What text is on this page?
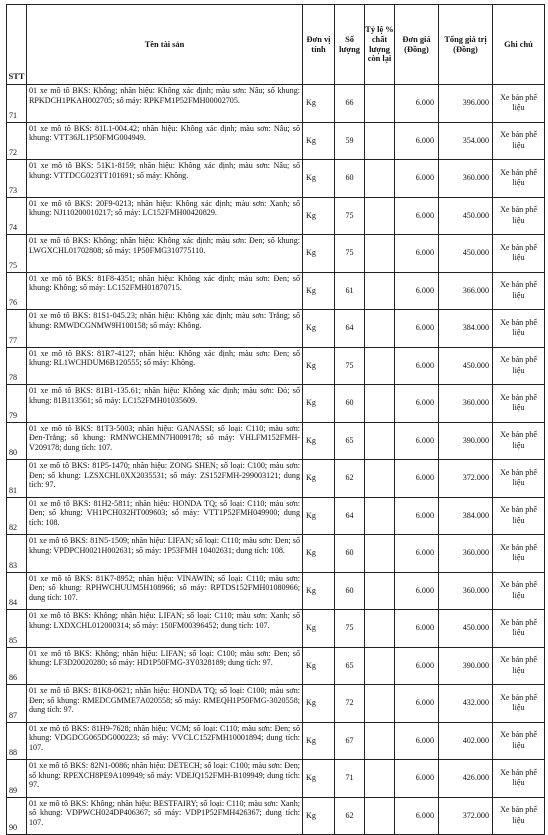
STT	Tên tài sản	Đơn vị tính	Số lượng	Tỷ lệ % chất lượng còn lại	Đơn giá (Đồng)	Tổng giá trị (Đồng)	Ghi chú
71	01 xe mô tô BKS: Không; nhãn hiệu: Không xác định; màu sơn: Nâu; số khung: RPKDCH1PKAH002705; số máy: RPKFM1P52FMH00002705.	Kg	66		6.000	396.000	Xe bán phế liệu
72	01 xe mô tô BKS: 81L1-004.42; nhãn hiệu: Không xác định; màu sơn: Nâu; số khung: VTT36JL1P50FMG004949.	Kg	59		6.000	354.000	Xe bán phế liệu
73	01 xe mô tô BKS: 51K1-8159; nhãn hiệu: Không xác định; màu sơn: Nâu; số khung: VTTDCG023TT101691; số máy: Không.	Kg	60		6.000	360.000	Xe bán phế liệu
74	01 xe mô tô BKS: 20F9-0213; nhãn hiệu: Không xác định; màu sơn: Xanh; số khung: NJ110200010217; số máy: LC152FMH00420829.	Kg	75		6.000	450.000	Xe bán phế liệu
75	01 xe mô tô BKS: Không; nhãn hiệu: Không xác định; màu sơn: Đen; số khung: LWGXCHL01702808; số máy: 1P50FMG310775110.	Kg	75		6.000	450.000	Xe bán phế liệu
76	01 xe mô tô BKS: 81F8-4351; nhãn hiệu: Không xác định; màu sơn: Đen; số khung: Không; số máy: LC152FMH01870715.	Kg	61		6.000	366.000	Xe bán phế liệu
77	01 xe mô tô BKS: 81S1-045.23; nhãn hiệu: Không xác định; màu sơn: Trắng; số khung: RMWDCGNMW9H100158; số máy: Không.	Kg	64		6.000	384.000	Xe bán phế liệu
78	01 xe mô tô BKS: 81R7-4127; nhãn hiệu: Không xác định; màu sơn: Đen; số khung: RL1WCHDUM6B120555; số máy: Không.	Kg	75		6.000	450.000	Xe bán phế liệu
79	01 xe mô tô BKS: 81B1-135.61; nhãn hiệu: Không xác định; màu sơn: Đỏ; số khung: 81B113561; số máy: LC152FMH01035609.	Kg	60		6.000	360.000	Xe bán phế liệu
80	01 xe mô tô BKS: 81T3-5003; nhãn hiệu: GANASSI; số loại: C110; màu sơn: Đen-Trắng; số khung: RMNWCHEMN7H009178; số máy: VHLFM152FMH-V209178; dung tích: 107.	Kg	65		6.000	390.000	Xe bán phế liệu
81	01 xe mô tô BKS: 81P5-1470; nhãn hiệu: ZONG SHEN; số loại: C100; màu sơn: Đen; số khung: LZSXCHL0XX2035531; số máy: ZS152FMH-299003121; dung tích: 97.	Kg	62		6.000	372.000	Xe bán phế liệu
82	01 xe mô tô BKS: 81H2-5811; nhãn hiệu: HONDA TQ; số loại: C110; màu sơn: Đen; số khung: VH1PCH032HT009603; số máy: VTT1P52FMH049900; dung tích: 108.	Kg	64		6.000	384.000	Xe bán phế liệu
83	01 xe mô tô BKS: 81N5-1509; nhãn hiệu: LIFAN; số loại: C110; màu sơn: Đen; số khung: VPDPCH0021H002631; số máy: 1P53FMH 10402631; dung tích: 108.	Kg	60		6.000	360.000	Xe bán phế liệu
84	01 xe mô tô BKS: 81K7-8952; nhãn hiệu: VINAWIN; số loại: C110; màu sơn: Đen; số khung: RPHWCHUUM5H108966; số máy: RPTDS152FMH01080966; dung tích: 107.	Kg	60		6.000	360.000	Xe bán phế liệu
85	01 xe mô tô BKS: Không; nhãn hiệu: LIFAN; số loại: C110; màu sơn: Xanh; số khung: LXDXCHL012000314; số máy: 150FM00396452; dung tích: 107.	Kg	75		6.000	450.000	Xe bán phế liệu
86	01 xe mô tô BKS: Không; nhãn hiệu: LIFAN; số loại: C100; màu sơn: Đen; số khung: LF3D20020280; số máy: HD1P50FMG-3Y0328189; dung tích: 97.	Kg	65		6.000	390.000	Xe bán phế liệu
87	01 xe mô tô BKS: 81K8-0621; nhãn hiệu: HONDA TQ; số loại: C100; màu sơn: Đen; số khung: RMEDCGMME7A020558; số máy: RMEQH1P50FMG-3020558; dung tích: 97.	Kg	72		6.000	432.000	Xe bán phế liệu
88	01 xe mô tô BKS: 81H9-7628; nhãn hiệu: VCM; số loại: C110; màu sơn: Đen; số khung: VDGDCG065DG000223; số máy: VVCLC152FMH10001894; dung tích: 107.	Kg	67		6.000	402.000	Xe bán phế liệu
89	01 xe mô tô BKS: 82N1-0086; nhãn hiệu: DETECH; số loại: C100; màu sơn: Đen; số khung: RPEXCH8PE9A109949; số máy: VDEJQ152FMH-B109949; dung tích: 97.	Kg	71		6.000	426.000	Xe bán phế liệu
90	01 xe mô tô BKS: Không; nhãn hiệu: BESTFAIRY; số loại: C110; màu sơn: Xanh; số khung: VDPWCH024DP406367; số máy: VDP1P52FMH426367; dung tích: 107.	Kg	62		6.000	372.000	Xe bán phế liệu
